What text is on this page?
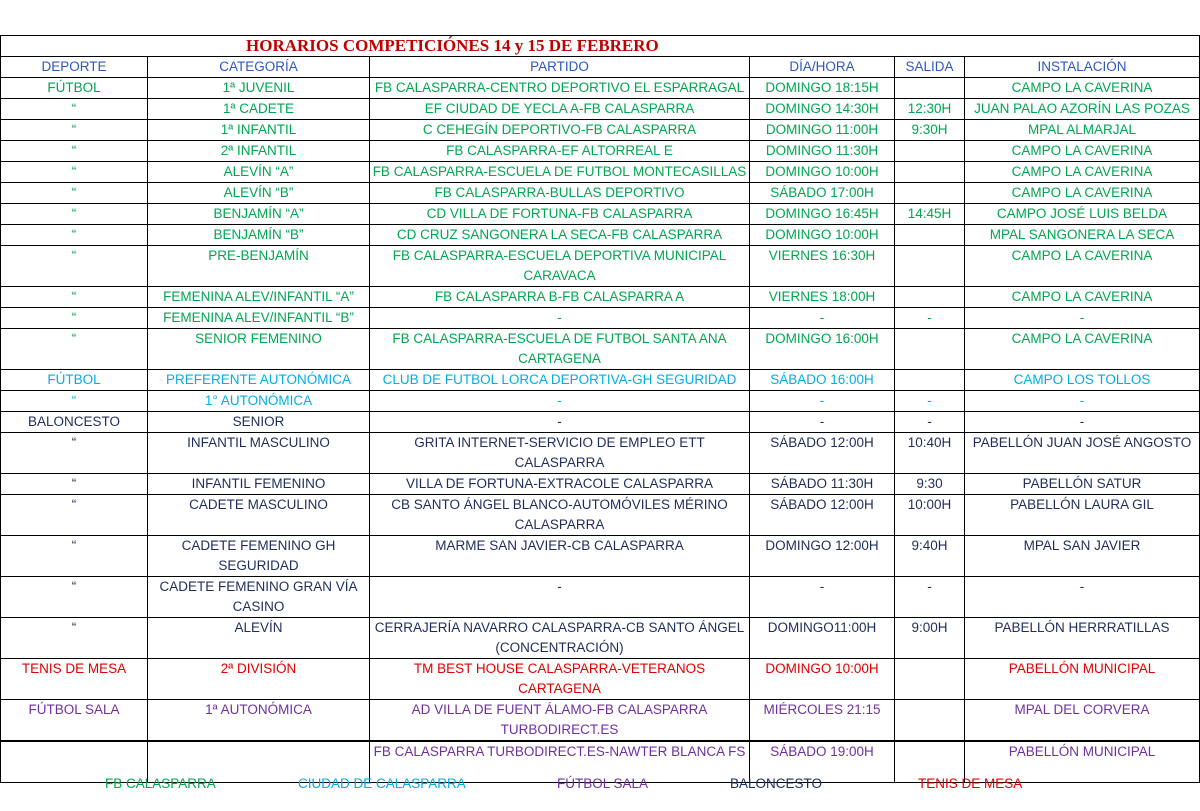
HORARIOS COMPETICIÓNES 14 y 15 DE FEBRERO					
DEPORTE	CATEGORÍA	PARTIDO	DÍA/HORA	SALIDA	INSTALACIÓN
FÚTBOL	1ª JUVENIL	FB CALASPARRA-CENTRO DEPORTIVO EL ESPARRAGAL	DOMINGO 18:15H		CAMPO LA CAVERINA
“	1ª CADETE	EF CIUDAD DE YECLA A-FB CALASPARRA	DOMINGO 14:30H	12:30H	JUAN PALAO AZORÍN LAS POZAS
“	1ª INFANTIL	C CEHEGÍN DEPORTIVO-FB CALASPARRA	DOMINGO 11:00H	9:30H	MPAL ALMARJAL
“	2ª INFANTIL	FB CALASPARRA-EF ALTORREAL E	DOMINGO 11:30H		CAMPO LA CAVERINA
“	ALEVÍN “A”	FB CALASPARRA-ESCUELA DE FUTBOL MONTECASILLAS	DOMINGO 10:00H		CAMPO LA CAVERINA
“	ALEVÍN “B”	FB CALASPARRA-BULLAS DEPORTIVO	SÁBADO 17:00H		CAMPO LA CAVERINA
“	BENJAMÍN “A”	CD VILLA DE FORTUNA-FB CALASPARRA	DOMINGO 16:45H	14:45H	CAMPO JOSÉ LUIS BELDA
“	BENJAMÍN “B”	CD CRUZ SANGONERA LA SECA-FB CALASPARRA	DOMINGO 10:00H		MPAL SANGONERA LA SECA
“	PRE-BENJAMÍN	FB CALASPARRA-ESCUELA DEPORTIVA MUNICIPAL CARAVACA	VIERNES 16:30H		CAMPO LA CAVERINA
“	FEMENINA ALEV/INFANTIL “A”	FB CALASPARRA B-FB CALASPARRA A	VIERNES 18:00H		CAMPO LA CAVERINA
“	FEMENINA ALEV/INFANTIL “B”	-	-	-	-
“	SENIOR FEMENINO	FB CALASPARRA-ESCUELA DE FUTBOL SANTA ANA CARTAGENA	DOMINGO 16:00H		CAMPO LA CAVERINA
FÚTBOL	PREFERENTE AUTONÓMICA	CLUB DE FUTBOL LORCA DEPORTIVA-GH SEGURIDAD	SÁBADO 16:00H		CAMPO LOS TOLLOS
“	1° AUTONÓMICA	-	-	-	-
BALONCESTO	SENIOR	-	-	-	-
“	INFANTIL MASCULINO	GRITA INTERNET-SERVICIO DE EMPLEO ETT CALASPARRA	SÁBADO 12:00H	10:40H	PABELLÓN JUAN JOSÉ ANGOSTO
“	INFANTIL FEMENINO	VILLA DE FORTUNA-EXTRACOLE CALASPARRA	SÁBADO 11:30H	9:30	PABELLÓN SATUR
“	CADETE MASCULINO	CB SANTO ÁNGEL BLANCO-AUTOMÓVILES MÉRINO CALASPARRA	SÁBADO 12:00H	10:00H	PABELLÓN LAURA GIL
“	CADETE FEMENINO GH SEGURIDAD	MARME SAN JAVIER-CB CALASPARRA	DOMINGO 12:00H	9:40H	MPAL SAN JAVIER
“	CADETE FEMENINO GRAN VÍA CASINO	-	-	-	-
“	ALEVÍN	CERRAJERÍA NAVARRO CALASPARRA-CB SANTO ÁNGEL (CONCENTRACIÓN)	DOMINGO11:00H	9:00H	PABELLÓN HERRRATILLAS
TENIS DE MESA	2ª DIVISIÓN	TM BEST HOUSE CALASPARRA-VETERANOS CARTAGENA	DOMINGO 10:00H		PABELLÓN MUNICIPAL
FÚTBOL SALA	1ª AUTONÓMICA	AD VILLA DE FUENT ÁLAMO-FB CALASPARRA TURBODIRECT.ES	MIÉRCOLES 21:15		MPAL DEL CORVERA
		FB CALASPARRA TURBODIRECT.ES-NAWTER BLANCA FS	SÁBADO 19:00H		PABELLÓN MUNICIPAL
FB CALASPARRA	CIUDAD DE CALASPARRA	FÚTBOL SALA	BALONCESTO	TENIS DE MESA
